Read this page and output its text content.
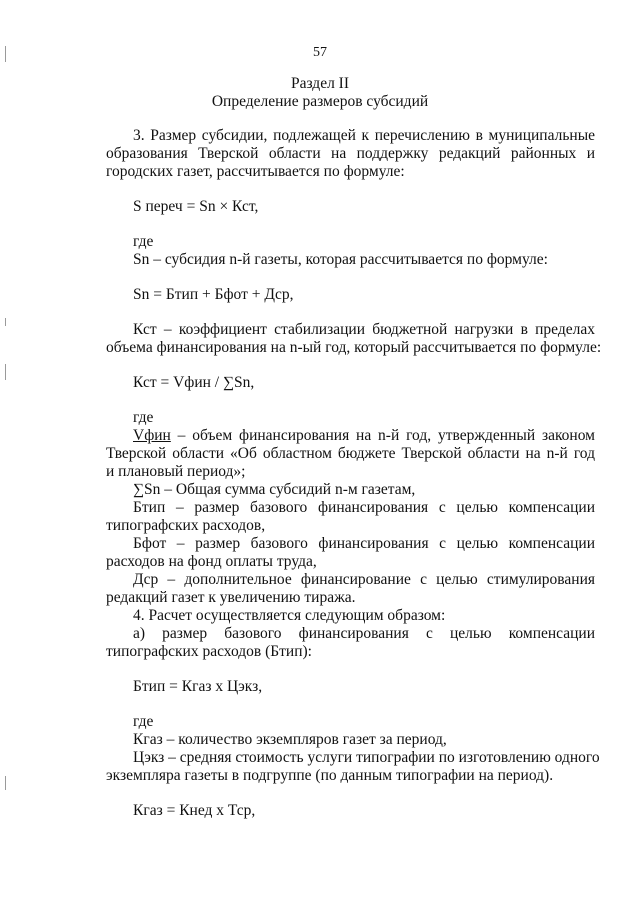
57
Раздел II
Определение размеров субсидий
3. Размер субсидии, подлежащей к перечислению в муниципальные
образования Тверской области на поддержку редакций районных и
городских газет, рассчитывается по формуле:
S переч = Sn × Кст,
где
Sn – субсидия n-й газеты, которая рассчитывается по формуле:
Sn = Бтип + Бфот + Дср,
Кст – коэффициент стабилизации бюджетной нагрузки в пределах
объема финансирования на n-ый год, который рассчитывается по формуле:
Кст = Vфин / ∑Sn,
где
Vфин – объем финансирования на n-й год, утвержденный законом
Тверской области «Об областном бюджете Тверской области на n-й год
и плановый период»;
∑Sn – Общая сумма субсидий n-м газетам,
Бтип – размер базового финансирования с целью компенсации
типографских расходов,
Бфот – размер базового финансирования с целью компенсации
расходов на фонд оплаты труда,
Дср – дополнительное финансирование с целью стимулирования
редакций газет к увеличению тиража.
4. Расчет осуществляется следующим образом:
а) размер базового финансирования с целью компенсации
типографских расходов (Бтип):
Бтип = Кгаз х Цэкз,
где
Кгаз – количество экземпляров газет за период,
Цэкз – средняя стоимость услуги типографии по изготовлению одного
экземпляра газеты в подгруппе (по данным типографии на период).
Кгаз = Кнед х Тср,
